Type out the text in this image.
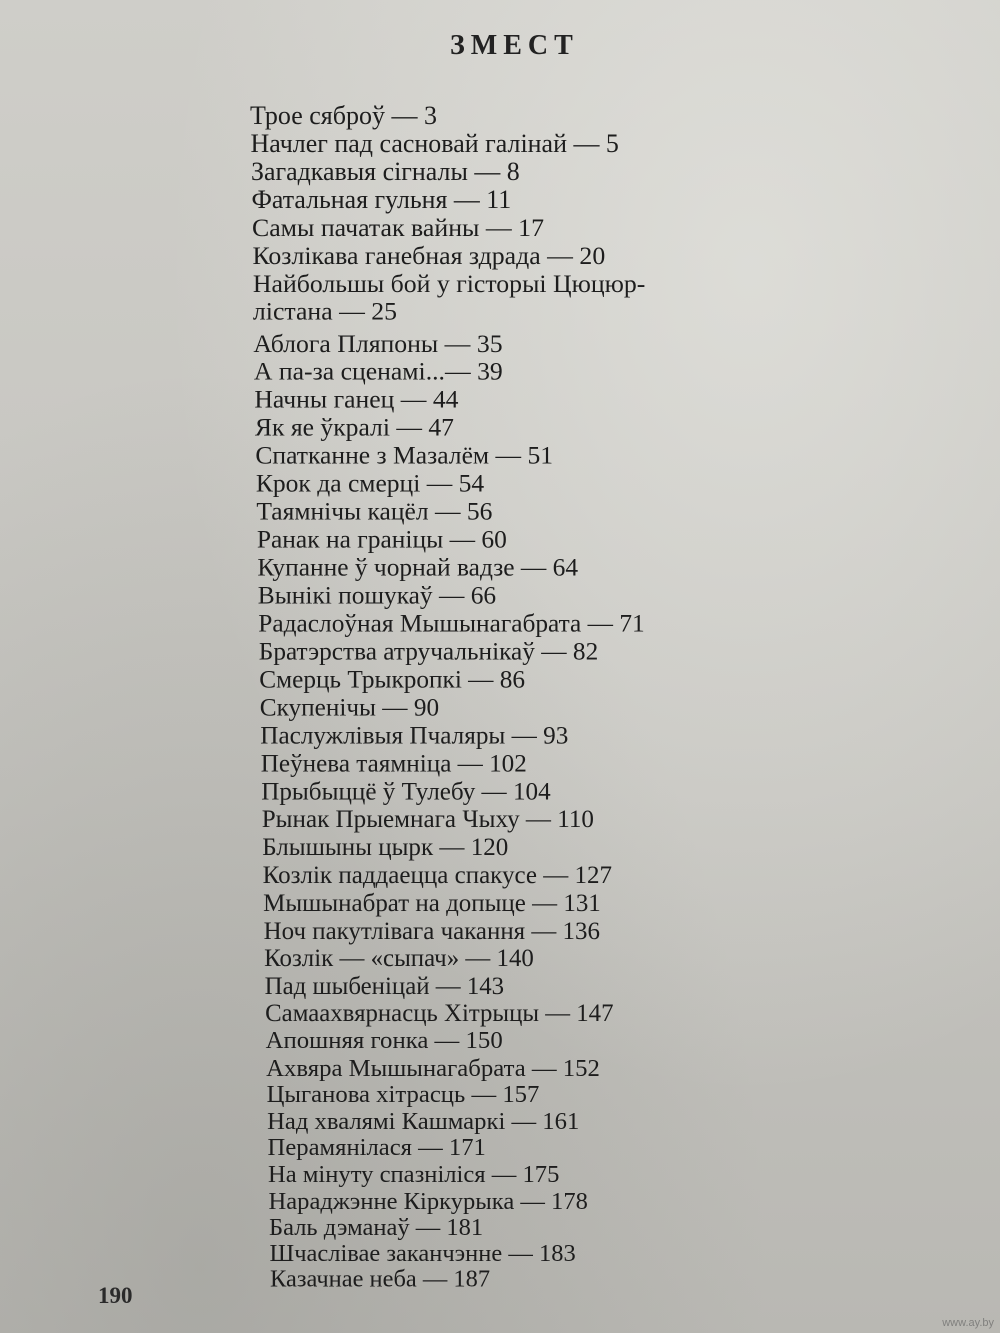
ЗМЕСТ
Трое сяброў — 3
Начлег пад сасновай галінай — 5
Загадкавыя сігналы — 8
Фатальная гульня — 11
Самы пачатак вайны — 17
Козлікава ганебная здрада — 20
Найбольшы бой у гісторыі Цюцюр-
лістана — 25
Аблога Пляпоны — 35
А па-за сценамі...— 39
Начны ганец — 44
Як яе ўкралі — 47
Спатканне з Мазалём — 51
Крок да смерці — 54
Таямнічы кацёл — 56
Ранак на граніцы — 60
Купанне ў чорнай вадзе — 64
Вынікі пошукаў — 66
Радаслоўная Мышынагабрата — 71
Братэрства атручальнікаў — 82
Смерць Трыкропкі — 86
Скупенічы — 90
Паслужлівыя Пчаляры — 93
Пеўнева таямніца — 102
Прыбыццё ў Тулебу — 104
Рынак Прыемнага Чыху — 110
Блышыны цырк — 120
Козлік паддаецца спакусе — 127
Мышынабрат на допыце — 131
Ноч пакутлівага чакання — 136
Козлік — «сыпач» — 140
Пад шыбеніцай — 143
Самаахвярнасць Хітрыцы — 147
Апошняя гонка — 150
Ахвяра Мышынагабрата — 152
Цыганова хітрасць — 157
Над хвалямі Кашмаркі — 161
Перамянілася — 171
На мінуту спазніліся — 175
Нараджэнне Кіркурыка — 178
Баль дэманаў — 181
Шчаслівае заканчэнне — 183
Казачнае неба — 187
190
www.ay.by
